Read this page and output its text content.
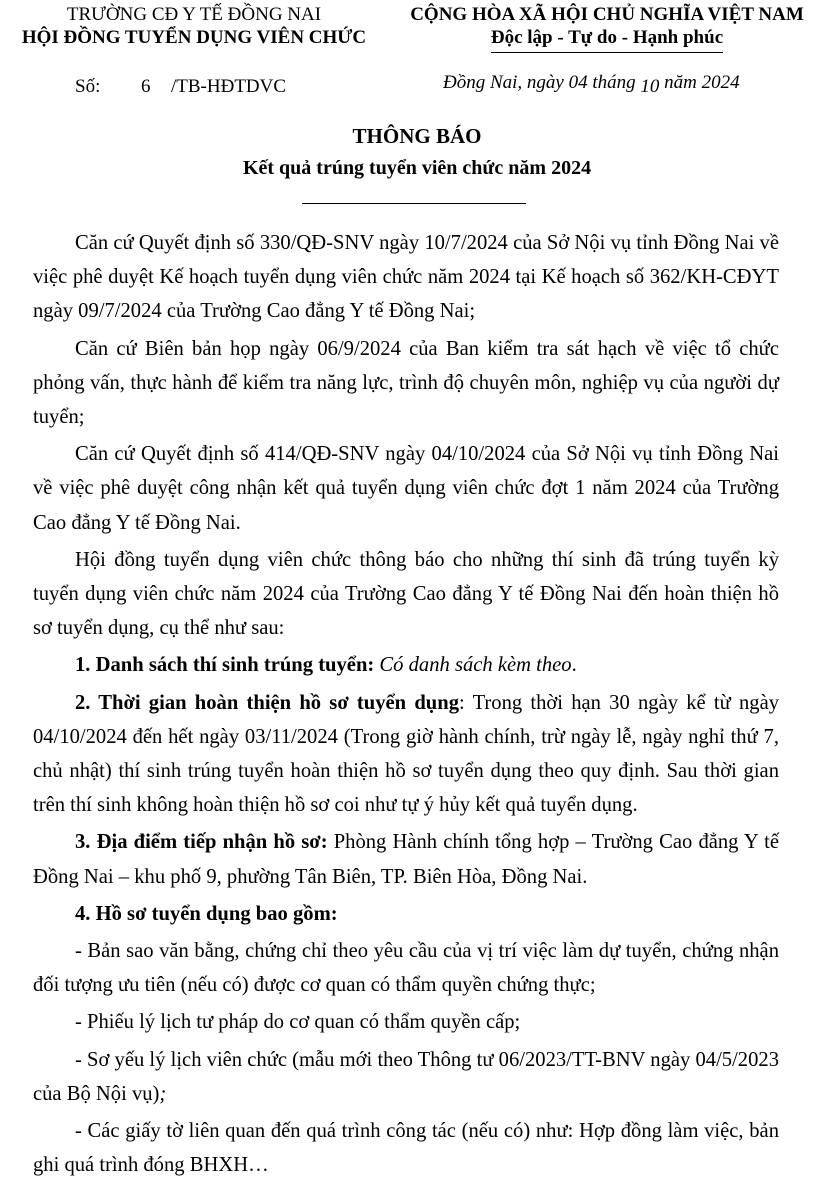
TRƯỜNG CĐ Y TẾ ĐỒNG NAI
HỘI ĐỒNG TUYỂN DỤNG VIÊN CHỨC
CỘNG HÒA XÃ HỘI CHỦ NGHĨA VIỆT NAM
Độc lập - Tự do - Hạnh phúc
Số: 6 /TB-HĐTDVC	Đồng Nai, ngày 04 tháng 10 năm 2024
THÔNG BÁO
Kết quả trúng tuyển viên chức năm 2024

Căn cứ Quyết định số 330/QĐ-SNV ngày 10/7/2024 của Sở Nội vụ tỉnh Đồng Nai về việc phê duyệt Kế hoạch tuyển dụng viên chức năm 2024 tại Kế hoạch số 362/KH-CĐYT ngày 09/7/2024 của Trường Cao đẳng Y tế Đồng Nai;

Căn cứ Biên bản họp ngày 06/9/2024 của Ban kiểm tra sát hạch về việc tổ chức phỏng vấn, thực hành để kiểm tra năng lực, trình độ chuyên môn, nghiệp vụ của người dự tuyển;

Căn cứ Quyết định số 414/QĐ-SNV ngày 04/10/2024 của Sở Nội vụ tỉnh Đồng Nai về việc phê duyệt công nhận kết quả tuyển dụng viên chức đợt 1 năm 2024 của Trường Cao đẳng Y tế Đồng Nai.

Hội đồng tuyển dụng viên chức thông báo cho những thí sinh đã trúng tuyển kỳ tuyển dụng viên chức năm 2024 của Trường Cao đẳng Y tế Đồng Nai đến hoàn thiện hồ sơ tuyển dụng, cụ thể như sau:

1. Danh sách thí sinh trúng tuyển: Có danh sách kèm theo.

2. Thời gian hoàn thiện hồ sơ tuyển dụng: Trong thời hạn 30 ngày kể từ ngày 04/10/2024 đến hết ngày 03/11/2024 (Trong giờ hành chính, trừ ngày lễ, ngày nghỉ thứ 7, chủ nhật) thí sinh trúng tuyển hoàn thiện hồ sơ tuyển dụng theo quy định. Sau thời gian trên thí sinh không hoàn thiện hồ sơ coi như tự ý hủy kết quả tuyển dụng.

3. Địa điểm tiếp nhận hồ sơ: Phòng Hành chính tổng hợp – Trường Cao đẳng Y tế Đồng Nai – khu phố 9, phường Tân Biên, TP. Biên Hòa, Đồng Nai.

4. Hồ sơ tuyển dụng bao gồm:

- Bản sao văn bằng, chứng chỉ theo yêu cầu của vị trí việc làm dự tuyển, chứng nhận đối tượng ưu tiên (nếu có) được cơ quan có thẩm quyền chứng thực;

- Phiếu lý lịch tư pháp do cơ quan có thẩm quyền cấp;

- Sơ yếu lý lịch viên chức (mẫu mới theo Thông tư 06/2023/TT-BNV ngày 04/5/2023 của Bộ Nội vụ);

- Các giấy tờ liên quan đến quá trình công tác (nếu có) như: Hợp đồng làm việc, bản ghi quá trình đóng BHXH…
